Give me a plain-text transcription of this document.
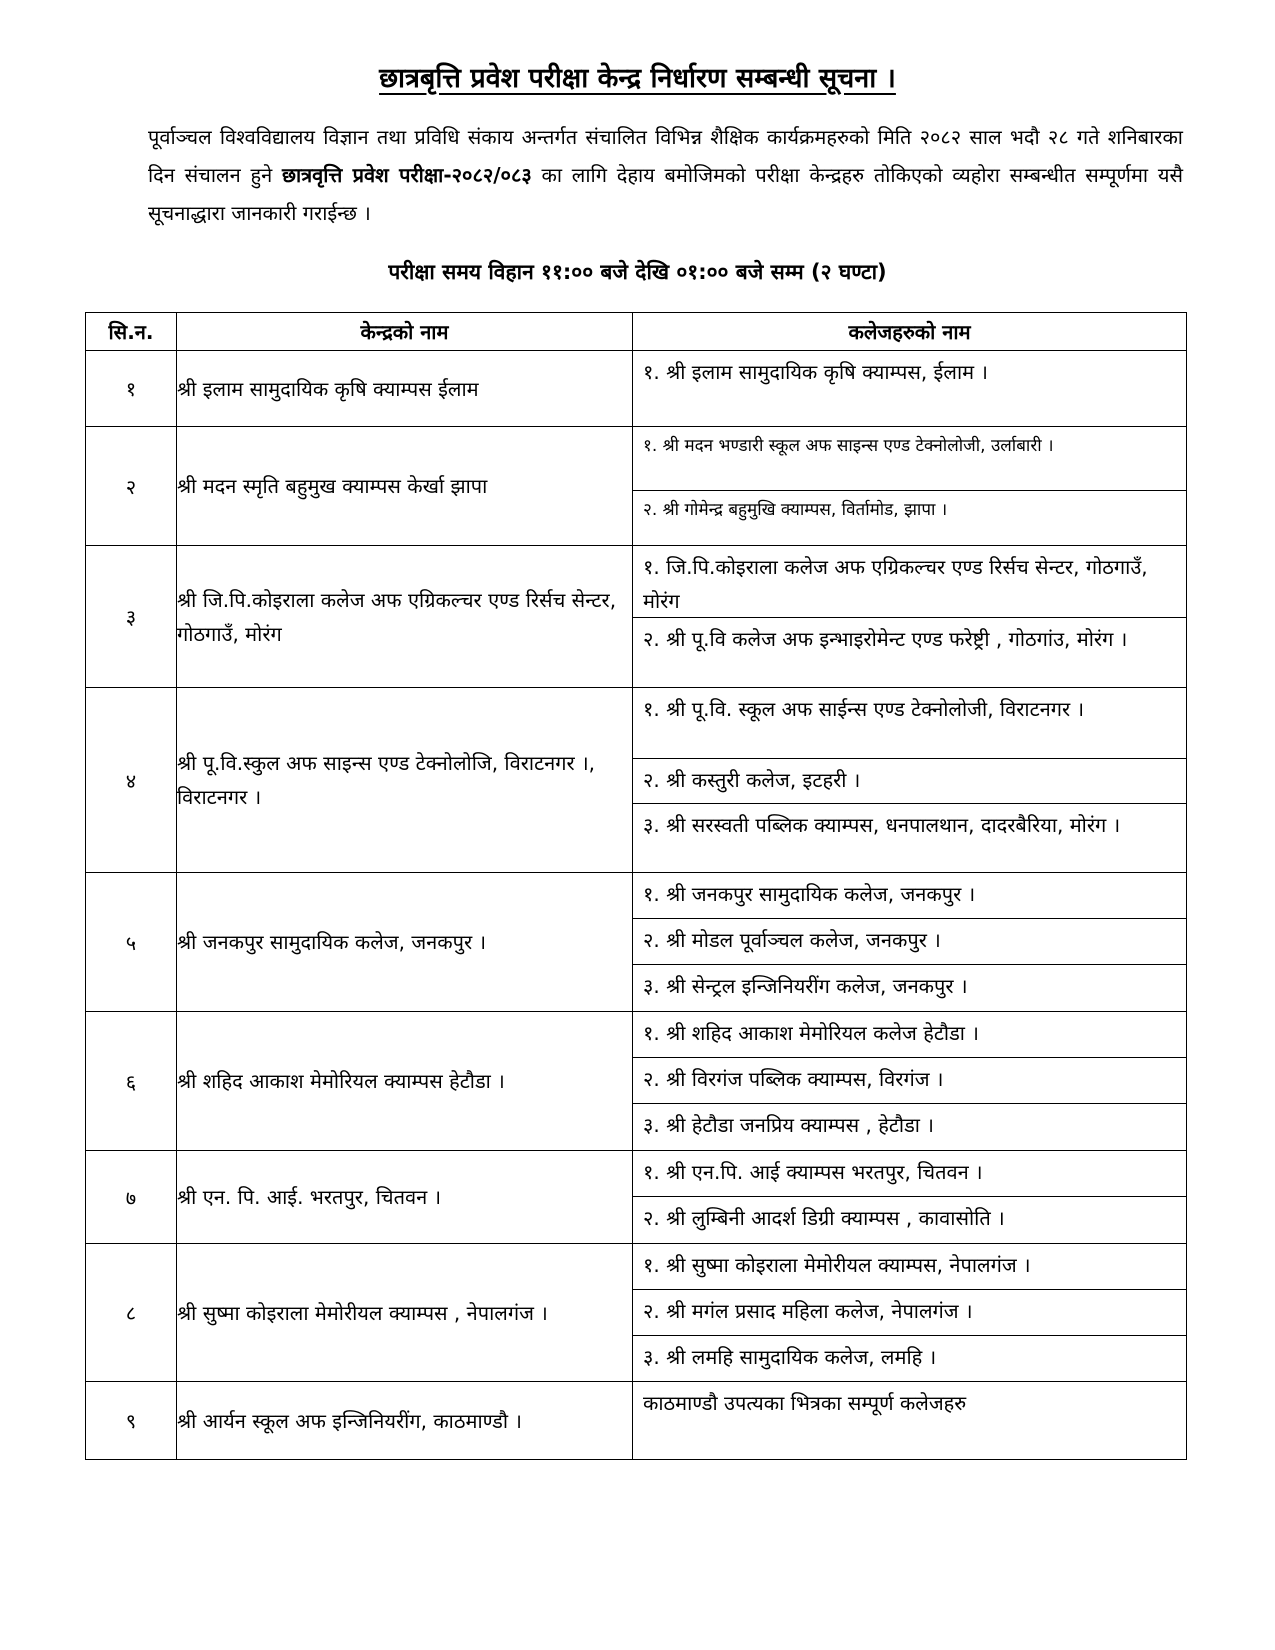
छात्रबृत्ति प्रवेश परीक्षा केन्द्र निर्धारण सम्बन्धी सूचना ।

पूर्वाञ्चल विश्वविद्यालय विज्ञान तथा प्रविधि संकाय अन्तर्गत संचालित विभिन्न शैक्षिक कार्यक्रमहरुको मिति २०८२ साल भदौ २८ गते शनिबारका दिन संचालन हुने छात्रवृत्ति प्रवेश परीक्षा-२०८२/०८३ का लागि देहाय बमोजिमको परीक्षा केन्द्रहरु तोकिएको व्यहोरा सम्बन्धीत सम्पूर्णमा यसै सूचनाद्धारा जानकारी गराईन्छ ।

परीक्षा समय विहान ११:०० बजे देखि ०१:०० बजे सम्म (२ घण्टा)
सि.न.	केन्द्रको नाम	कलेजहरुको नाम
१	श्री इलाम सामुदायिक कृषि क्याम्पस ईलाम	१. श्री इलाम सामुदायिक कृषि क्याम्पस, ईलाम ।

२	श्री मदन स्मृति बहुमुख क्याम्पस केर्खा झापा	१. श्री मदन भण्डारी स्कूल अफ साइन्स एण्ड टेक्नोलोजी, उर्लाबारी ।
२. श्री गोमेन्द्र बहुमुखि क्याम्पस, विर्तामोड, झापा ।

३	श्री जि.पि.कोइराला कलेज अफ एग्रिकल्चर एण्ड रिर्सच सेन्टर, गोठगाउँ, मोरंग	१. जि.पि.कोइराला कलेज अफ एग्रिकल्चर एण्ड रिर्सच सेन्टर, गोठगाउँ, मोरंग
२. श्री पू.वि कलेज अफ इन्भाइरोमेन्ट एण्ड फरेष्ट्री , गोठगांउ, मोरंग ।

४	श्री पू.वि.स्कुल अफ साइन्स एण्ड टेक्नोलोजि, विराटनगर ।, विराटनगर ।	१. श्री पू.वि. स्कूल अफ साईन्स एण्ड टेक्नोलोजी, विराटनगर ।
२. श्री कस्तुरी कलेज, इटहरी ।
३. श्री सरस्वती पब्लिक क्याम्पस, धनपालथान, दादरबैरिया, मोरंग ।

५	श्री जनकपुर सामुदायिक कलेज, जनकपुर ।	१. श्री जनकपुर सामुदायिक कलेज, जनकपुर ।
२. श्री मोडल पूर्वाञ्चल कलेज, जनकपुर ।
३. श्री सेन्ट्रल इन्जिनियरींग कलेज, जनकपुर ।

६	श्री शहिद आकाश मेमोरियल क्याम्पस हेटौडा ।	१. श्री शहिद आकाश मेमोरियल कलेज हेटौडा ।
२. श्री विरगंज पब्लिक क्याम्पस, विरगंज ।
३. श्री हेटौडा जनप्रिय क्याम्पस , हेटौडा ।

७	श्री एन. पि. आई. भरतपुर, चितवन ।	१. श्री एन.पि. आई क्याम्पस भरतपुर, चितवन ।
२. श्री लुम्बिनी आदर्श डिग्री क्याम्पस , कावासोति ।

८	श्री सुष्मा कोइराला मेमोरीयल क्याम्पस , नेपालगंज ।	१. श्री सुष्मा कोइराला मेमोरीयल क्याम्पस, नेपालगंज ।
२. श्री मगंल प्रसाद महिला कलेज, नेपालगंज ।
३. श्री लमहि सामुदायिक कलेज, लमहि ।

९	श्री आर्यन स्कूल अफ इन्जिनियरींग, काठमाण्डौ ।	काठमाण्डौ उपत्यका भित्रका सम्पूर्ण कलेजहरु
